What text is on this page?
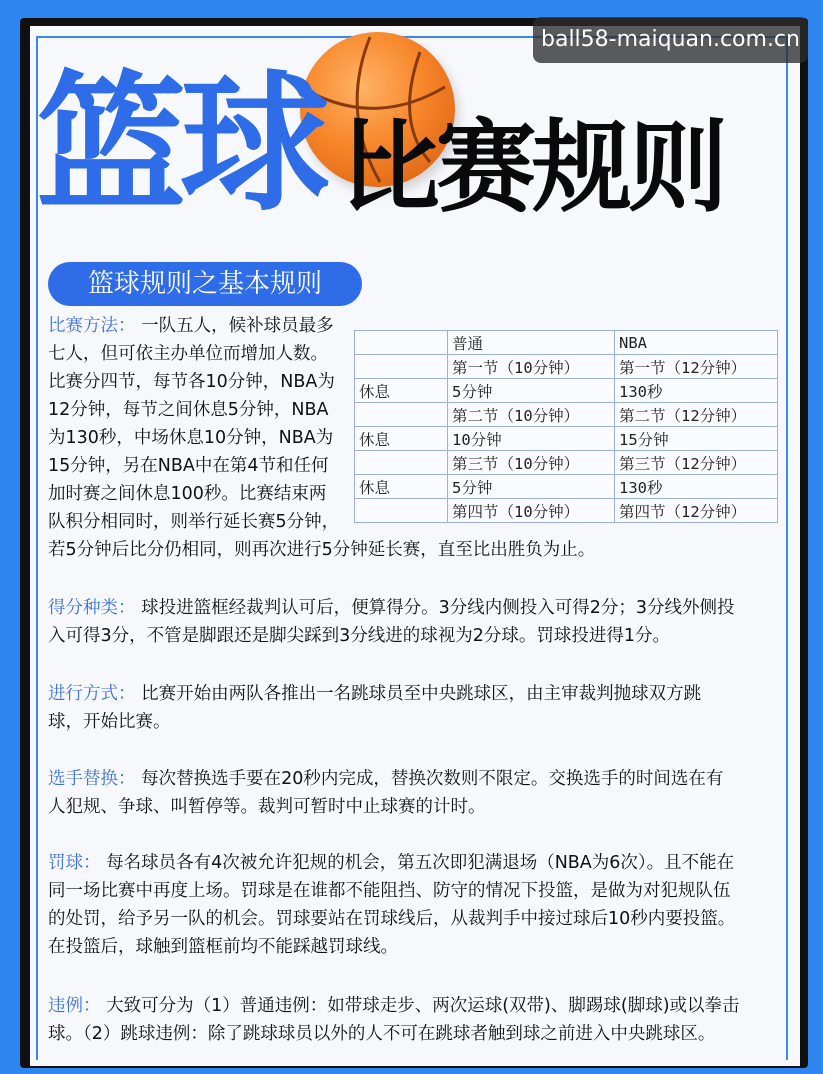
篮球 比赛规则
ball58-maiquan.com.cn
篮球规则之基本规则
比赛方法： 一队五人，候补球员最多
七人，但可依主办单位而增加人数。
比赛分四节，每节各10分钟，NBA为
12分钟，每节之间休息5分钟，NBA
为130秒，中场休息10分钟，NBA为
15分钟，另在NBA中在第4节和任何
加时赛之间休息100秒。比赛结束两
队积分相同时，则举行延长赛5分钟，
若5分钟后比分仍相同，则再次进行5分钟延长赛，直至比出胜负为止。
	普通	NBA
	第一节（10分钟）	第一节（12分钟）
休息	5分钟	130秒
	第二节（10分钟）	第二节（12分钟）
休息	10分钟	15分钟
	第三节（10分钟）	第三节（12分钟）
休息	5分钟	130秒
	第四节（10分钟）	第四节（12分钟）
得分种类： 球投进篮框经裁判认可后，便算得分。3分线内侧投入可得2分；3分线外侧投
入可得3分，不管是脚跟还是脚尖踩到3分线进的球视为2分球。罚球投进得1分。
进行方式： 比赛开始由两队各推出一名跳球员至中央跳球区，由主审裁判抛球双方跳
球，开始比赛。
选手替换： 每次替换选手要在20秒内完成，替换次数则不限定。交换选手的时间选在有
人犯规、争球、叫暂停等。裁判可暂时中止球赛的计时。
罚球： 每名球员各有4次被允许犯规的机会，第五次即犯满退场（NBA为6次）。且不能在
同一场比赛中再度上场。罚球是在谁都不能阻挡、防守的情况下投篮，是做为对犯规队伍
的处罚，给予另一队的机会。罚球要站在罚球线后，从裁判手中接过球后10秒内要投篮。
在投篮后，球触到篮框前均不能踩越罚球线。
违例： 大致可分为（1）普通违例：如带球走步、两次运球(双带)、脚踢球(脚球)或以拳击
球。（2）跳球违例：除了跳球球员以外的人不可在跳球者触到球之前进入中央跳球区。
